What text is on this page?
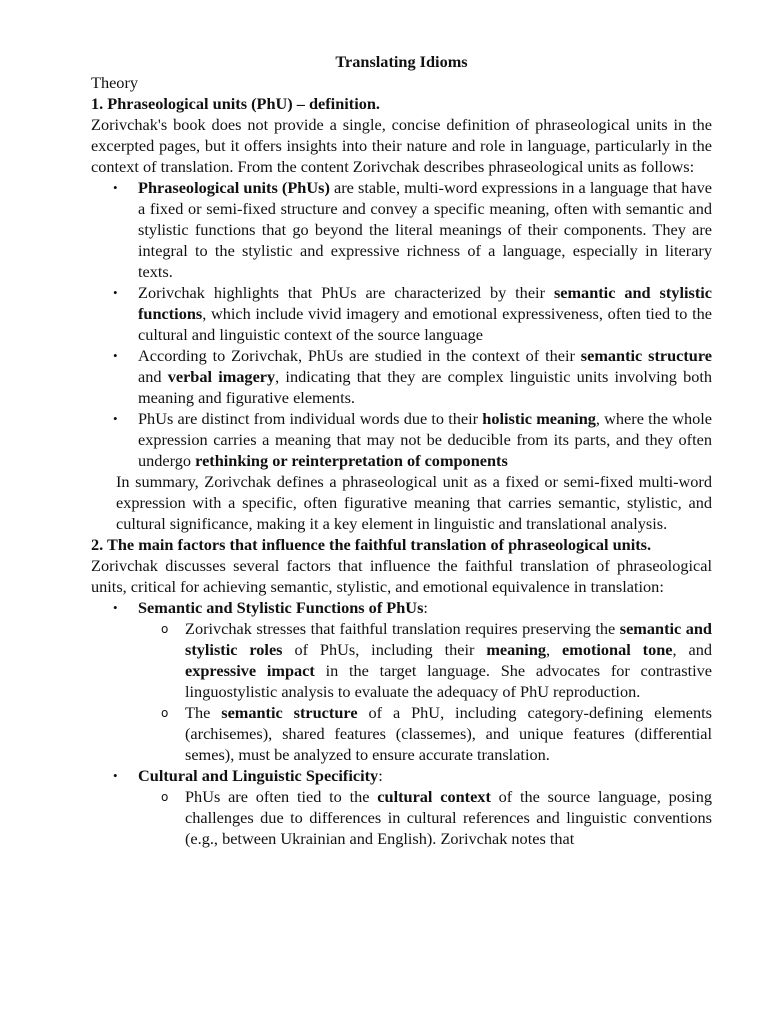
Translating Idioms

Theory

1. Phraseological units (PhU) – definition.

Zorivchak's book does not provide a single, concise definition of phraseological units in the excerpted pages, but it offers insights into their nature and role in language, particularly in the context of translation. From the content Zorivchak describes phraseological units as follows:

•	Phraseological units (PhUs) are stable, multi-word expressions in a language that have a fixed or semi-fixed structure and convey a specific meaning, often with semantic and stylistic functions that go beyond the literal meanings of their components. They are integral to the stylistic and expressive richness of a language, especially in literary texts.
•	Zorivchak highlights that PhUs are characterized by their semantic and stylistic functions, which include vivid imagery and emotional expressiveness, often tied to the cultural and linguistic context of the source language
•	According to Zorivchak, PhUs are studied in the context of their semantic structure and verbal imagery, indicating that they are complex linguistic units involving both meaning and figurative elements.
•	PhUs are distinct from individual words due to their holistic meaning, where the whole expression carries a meaning that may not be deducible from its parts, and they often undergo rethinking or reinterpretation of components

In summary, Zorivchak defines a phraseological unit as a fixed or semi-fixed multi-word expression with a specific, often figurative meaning that carries semantic, stylistic, and cultural significance, making it a key element in linguistic and translational analysis.

2. The main factors that influence the faithful translation of phraseological units.

Zorivchak discusses several factors that influence the faithful translation of phraseological units, critical for achieving semantic, stylistic, and emotional equivalence in translation:

•	Semantic and Stylistic Functions of PhUs:
o Zorivchak stresses that faithful translation requires preserving the semantic and stylistic roles of PhUs, including their meaning, emotional tone, and expressive impact in the target language. She advocates for contrastive linguostylistic analysis to evaluate the adequacy of PhU reproduction.
o The semantic structure of a PhU, including category-defining elements (archisemes), shared features (classemes), and unique features (differential semes), must be analyzed to ensure accurate translation.
•	Cultural and Linguistic Specificity:
o PhUs are often tied to the cultural context of the source language, posing challenges due to differences in cultural references and linguistic conventions (e.g., between Ukrainian and English). Zorivchak notes that
